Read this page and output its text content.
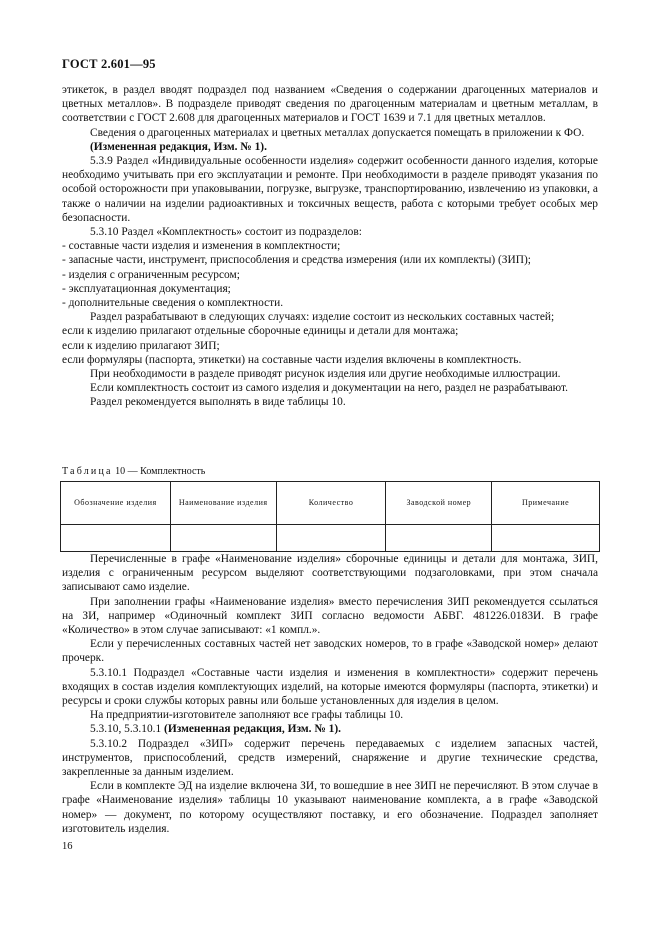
ГОСТ 2.601—95

этикеток, в раздел вводят подраздел под названием «Сведения о содержании драгоценных материалов и цветных металлов». В подразделе приводят сведения по драгоценным материалам и цветным металлам, в соответствии с ГОСТ 2.608 для драгоценных материалов и ГОСТ 1639 и 7.1 для цветных металлов.

Сведения о драгоценных материалах и цветных металлах допускается помещать в приложении к ФО.

(Измененная редакция, Изм. № 1).

5.3.9 Раздел «Индивидуальные особенности изделия» содержит особенности данного изделия, которые необходимо учитывать при его эксплуатации и ремонте. При необходимости в разделе приводят указания по особой осторожности при упаковывании, погрузке, выгрузке, транспортированию, извлечению из упаковки, а также о наличии на изделии радиоактивных и токсичных веществ, работа с которыми требует особых мер безопасности.

5.3.10 Раздел «Комплектность» состоит из подразделов:

- составные части изделия и изменения в комплектности;

- запасные части, инструмент, приспособления и средства измерения (или их комплекты) (ЗИП);

- изделия с ограниченным ресурсом;

- эксплуатационная документация;

- дополнительные сведения о комплектности.

Раздел разрабатывают в следующих случаях: изделие состоит из нескольких составных частей;

если к изделию прилагают отдельные сборочные единицы и детали для монтажа;

если к изделию прилагают ЗИП;

если формуляры (паспорта, этикетки) на составные части изделия включены в комплектность.

При необходимости в разделе приводят рисунок изделия или другие необходимые иллюстрации.

Если комплектность состоит из самого изделия и документации на него, раздел не разрабатывают.

Раздел рекомендуется выполнять в виде таблицы 10.

Таблица 10 — Комплектность
Обозначение изделия	Наименование изделия	Количество	Заводской номер	Примечание

Перечисленные в графе «Наименование изделия» сборочные единицы и детали для монтажа, ЗИП, изделия с ограниченным ресурсом выделяют соответствующими подзаголовками, при этом сначала записывают само изделие.

При заполнении графы «Наименование изделия» вместо перечисления ЗИП рекомендуется ссылаться на ЗИ, например «Одиночный комплект ЗИП согласно ведомости АБВГ. 481226.0183И. В графе «Количество» в этом случае записывают: «1 компл.».

Если у перечисленных составных частей нет заводских номеров, то в графе «Заводской номер» делают прочерк.

5.3.10.1 Подраздел «Составные части изделия и изменения в комплектности» содержит перечень входящих в состав изделия комплектующих изделий, на которые имеются формуляры (паспорта, этикетки) и ресурсы и сроки службы которых равны или больше установленных для изделия в целом.

На предприятии-изготовителе заполняют все графы таблицы 10.

5.3.10, 5.3.10.1 (Измененная редакция, Изм. № 1).

5.3.10.2 Подраздел «ЗИП» содержит перечень передаваемых с изделием запасных частей, инструментов, приспособлений, средств измерений, снаряжение и другие технические средства, закрепленные за данным изделием.

Если в комплекте ЭД на изделие включена ЗИ, то вошедшие в нее ЗИП не перечисляют. В этом случае в графе «Наименование изделия» таблицы 10 указывают наименование комплекта, а в графе «Заводской номер» — документ, по которому осуществляют поставку, и его обозначение. Подраздел заполняет изготовитель изделия.

16
